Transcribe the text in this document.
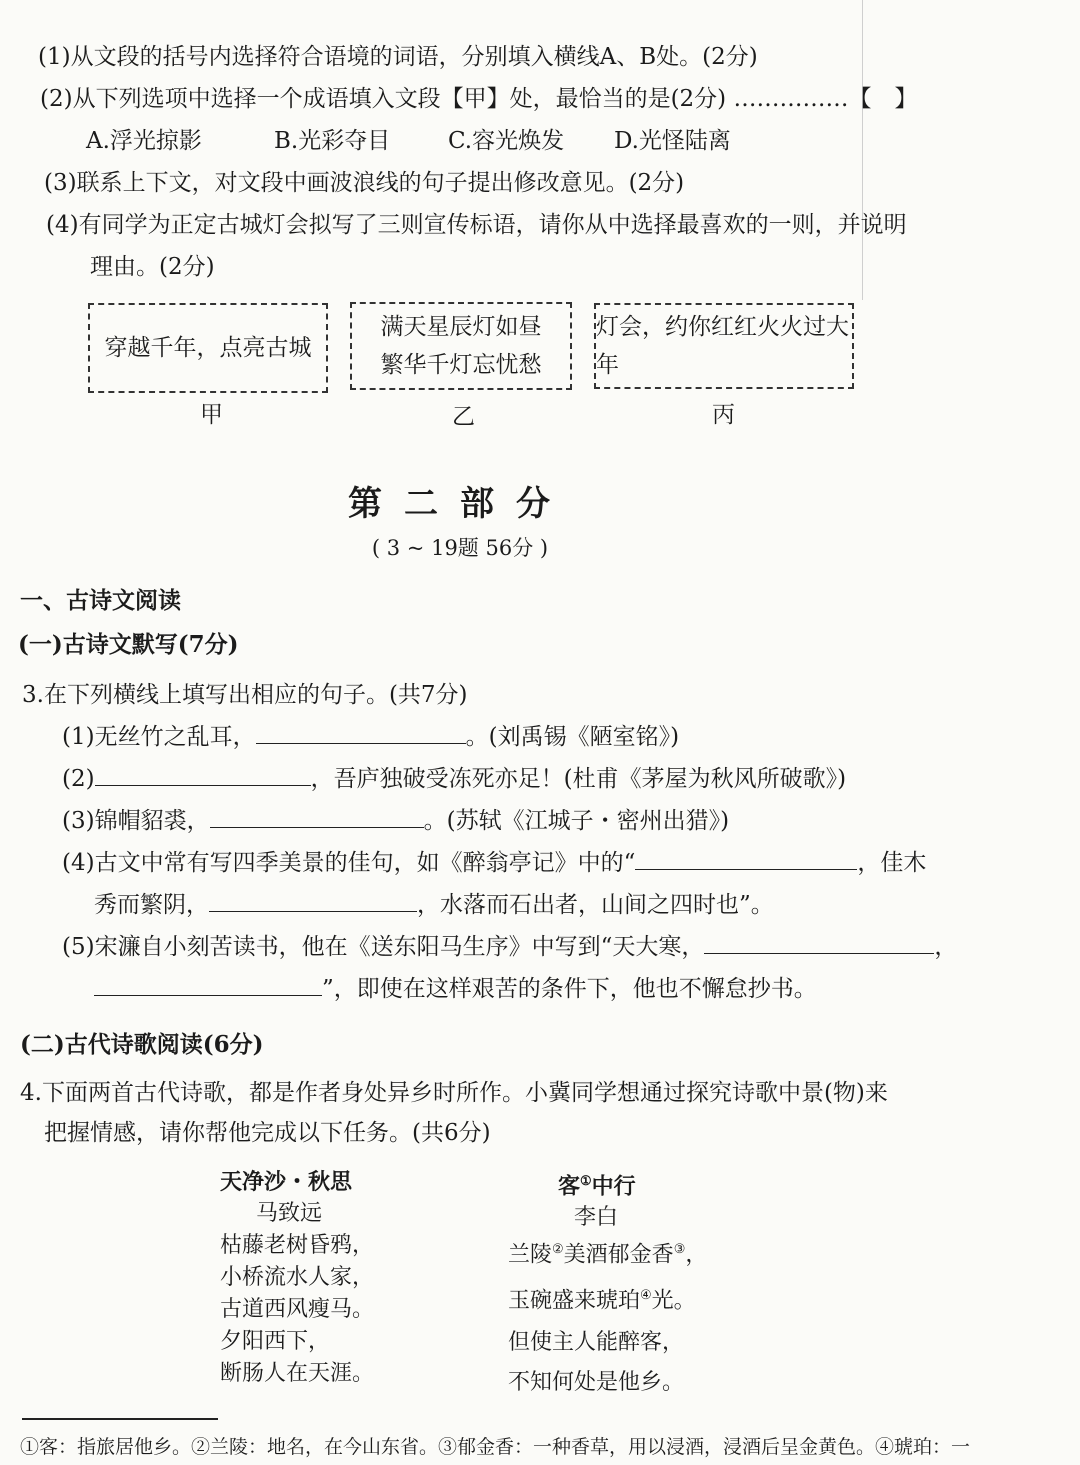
(1)从文段的括号内选择符合语境的词语，分别填入横线A、B处。(2分)
(2)从下列选项中选择一个成语填入文段【甲】处，最恰当的是(2分) ……………【　】
A.浮光掠影	B.光彩夺目	C.容光焕发 D.光怪陆离
(3)联系上下文，对文段中画波浪线的句子提出修改意见。(2分)
(4)有同学为正定古城灯会拟写了三则宣传标语，请你从中选择最喜欢的一则，并说明
理由。(2分)
穿越千年，点亮古城
满天星辰灯如昼
繁华千灯忘忧愁
灯会，约你红红火火过大年
甲	乙	丙
第二部分
( 3 ~ 19题 56分 )
一、古诗文阅读
(一)古诗文默写(7分)
3.在下列横线上填写出相应的句子。(共7分)
(1)无丝竹之乱耳，	。(刘禹锡《陋室铭》)
(2)	，吾庐独破受冻死亦足！(杜甫《茅屋为秋风所破歌》)
(3)锦帽貂裘，	。(苏轼《江城子・密州出猎》)
(4)古文中常有写四季美景的佳句，如《醉翁亭记》中的“	，佳木
秀而繁阴，	，水落而石出者，山间之四时也”。
(5)宋濂自小刻苦读书，他在《送东阳马生序》中写到“天大寒，	，
”，即使在这样艰苦的条件下，他也不懈怠抄书。
(二)古代诗歌阅读(6分)
4.下面两首古代诗歌，都是作者身处异乡时所作。小冀同学想通过探究诗歌中景(物)来
把握情感，请你帮他完成以下任务。(共6分)
天净沙・秋思
马致远
枯藤老树昏鸦，
小桥流水人家，
古道西风瘦马。
夕阳西下，
断肠人在天涯。
客①中行
李白
兰陵②美酒郁金香③，
玉碗盛来琥珀④光。
但使主人能醉客，
不知何处是他乡。
①客：指旅居他乡。②兰陵：地名，在今山东省。③郁金香：一种香草，用以浸酒，浸酒后呈金黄色。④琥珀：一
